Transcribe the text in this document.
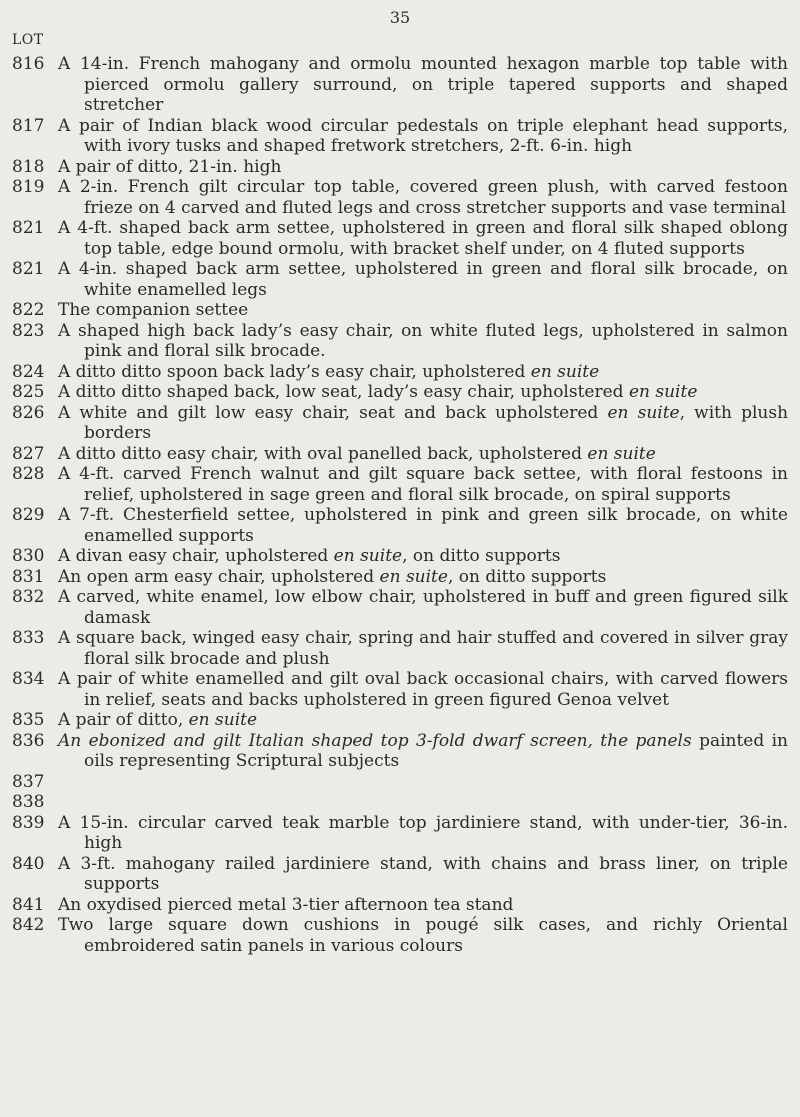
35
LOT
816 A 14-in. French mahogany and ormolu mounted hexagon marble top table with pierced ormolu gallery surround, on triple tapered supports and shaped stretcher
817 A pair of Indian black wood circular pedestals on triple elephant head supports, with ivory tusks and shaped fretwork stretchers, 2-ft. 6-in. high
818 A pair of ditto, 21-in. high
819 A 2-in. French gilt circular top table, covered green plush, with carved festoon frieze on 4 carved and fluted legs and cross stretcher supports and vase terminal
821 A 4-ft. shaped back arm settee, upholstered in green and floral silk shaped oblong top table, edge bound ormolu, with bracket shelf under, on 4 fluted supports
821 A 4-in. shaped back arm settee, upholstered in green and floral silk brocade, on white enamelled legs
822 The companion settee
823 A shaped high back lady’s easy chair, on white fluted legs, upholstered in salmon pink and floral silk brocade.
824 A ditto ditto spoon back lady’s easy chair, upholstered en suite
825 A ditto ditto shaped back, low seat, lady’s easy chair, upholstered en suite
826 A white and gilt low easy chair, seat and back upholstered en suite, with plush borders
827 A ditto ditto easy chair, with oval panelled back, upholstered en suite
828 A 4-ft. carved French walnut and gilt square back settee, with floral festoons in relief, upholstered in sage green and floral silk brocade, on spiral supports
829 A 7-ft. Chesterfield settee, upholstered in pink and green silk brocade, on white enamelled supports
830 A divan easy chair, upholstered en suite, on ditto supports
831 An open arm easy chair, upholstered en suite, on ditto supports
832 A carved, white enamel, low elbow chair, upholstered in buff and green figured silk damask
833 A square back, winged easy chair, spring and hair stuffed and covered in silver gray floral silk brocade and plush
834 A pair of white enamelled and gilt oval back occasional chairs, with carved flowers in relief, seats and backs upholstered in green figured Genoa velvet
835 A pair of ditto, en suite
836 An ebonized and gilt Italian shaped top 3-fold dwarf screen, the panels painted in oils representing Scriptural subjects
837
838
839 A 15-in. circular carved teak marble top jardiniere stand, with under-tier, 36-in. high
840 A 3-ft. mahogany railed jardiniere stand, with chains and brass liner, on triple supports
841 An oxydised pierced metal 3-tier afternoon tea stand
842 Two large square down cushions in pougé silk cases, and richly Oriental embroidered satin panels in various colours
